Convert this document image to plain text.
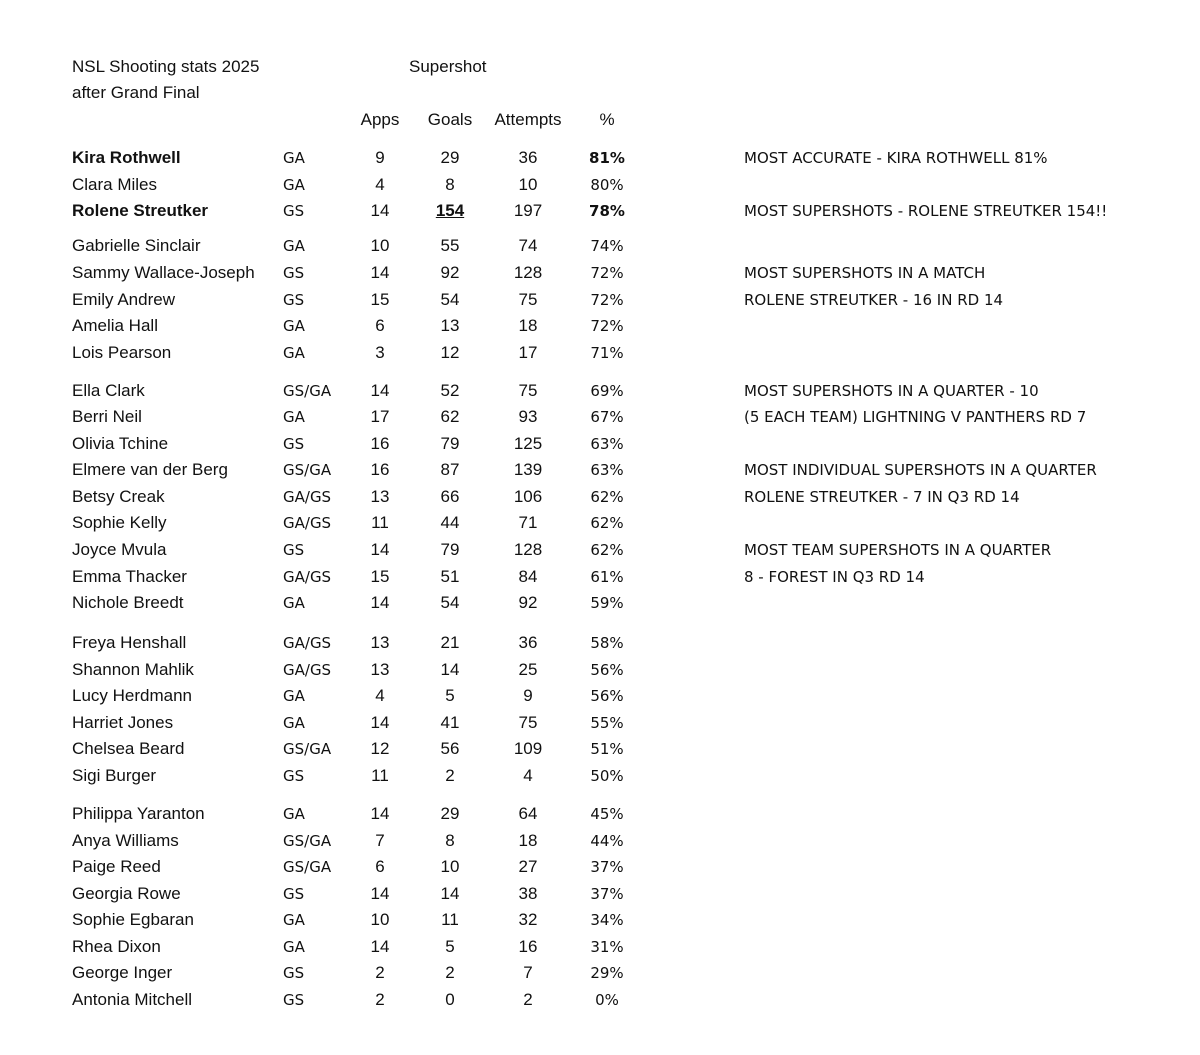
NSL Shooting stats 2025
after Grand Final
Supershot
Apps	Goals	Attempts	%
Kira Rothwell	GA	9	29	36	81%
Clara Miles	GA	4	8	10	80%
Rolene Streutker	GS	14	154	197	78%
Gabrielle Sinclair	GA	10	55	74	74%
Sammy Wallace-Joseph GS	14	92	128	72%
Emily Andrew	GS	15	54	75	72%
Amelia Hall	GA	6	13	18	72%
Lois Pearson	GA	3	12	17	71%
Ella Clark	GS/GA	14	52	75	69%
Berri Neil	GA	17	62	93	67%
Olivia Tchine	GS	16	79	125	63%
Elmere van der Berg	GS/GA	16	87	139	63%
Betsy Creak	GA/GS	13	66	106	62%
Sophie Kelly	GA/GS	11	44	71	62%
Joyce Mvula	GS	14	79	128	62%
Emma Thacker	GA/GS	15	51	84	61%
Nichole Breedt	GA	14	54	92	59%
Freya Henshall	GA/GS	13	21	36	58%
Shannon Mahlik	GA/GS	13	14	25	56%
Lucy Herdmann	GA	4	5	9	56%
Harriet Jones	GA	14	41	75	55%
Chelsea Beard	GS/GA	12	56	109	51%
Sigi Burger	GS	11	2	4	50%
Philippa Yaranton	GA	14	29	64	45%
Anya Williams	GS/GA	7	8	18	44%
Paige Reed	GS/GA	6	10	27	37%
Georgia Rowe	GS	14	14	38	37%
Sophie Egbaran	GA	10	11	32	34%
Rhea Dixon	GA	14	5	16	31%
George Inger	GS	2	2	7	29%
Antonia Mitchell	GS	2	0	2	0%
MOST ACCURATE - KIRA ROTHWELL 81%
MOST SUPERSHOTS - ROLENE STREUTKER 154!!
MOST SUPERSHOTS IN A MATCH
ROLENE STREUTKER - 16 IN RD 14
MOST SUPERSHOTS IN A QUARTER - 10
(5 EACH TEAM) LIGHTNING V PANTHERS RD 7
MOST INDIVIDUAL SUPERSHOTS IN A QUARTER
ROLENE STREUTKER - 7 IN Q3 RD 14
MOST TEAM SUPERSHOTS IN A QUARTER
8 - FOREST IN Q3 RD 14
